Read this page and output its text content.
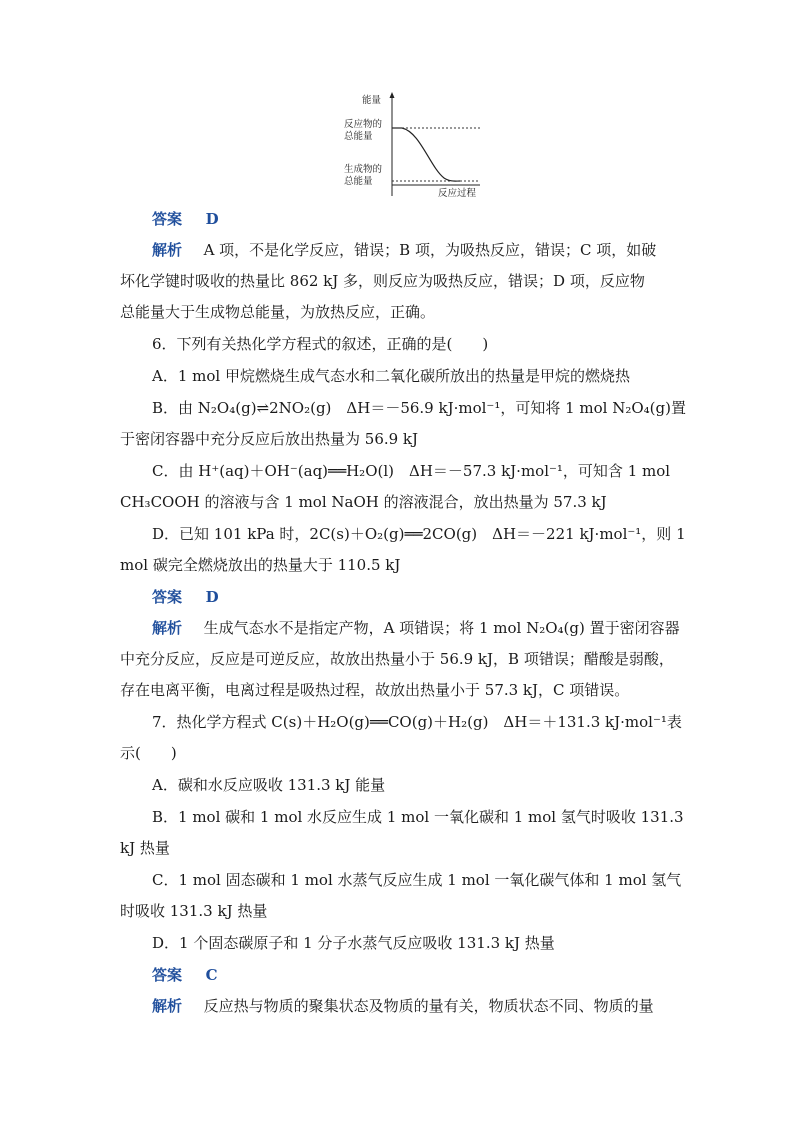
能量
反应物的
总能量
生成物的
总能量
反应过程
答案 D
解析 A 项，不是化学反应，错误；B 项，为吸热反应，错误；C 项，如破
坏化学键时吸收的热量比 862 kJ 多，则反应为吸热反应，错误；D 项，反应物
总能量大于生成物总能量，为放热反应，正确。
6．下列有关热化学方程式的叙述，正确的是(　　)
A．1 mol 甲烷燃烧生成气态水和二氧化碳所放出的热量是甲烷的燃烧热
B．由 N₂O₄(g)⇌2NO₂(g)　ΔH＝－56.9 kJ·mol⁻¹，可知将 1 mol N₂O₄(g)置
于密闭容器中充分反应后放出热量为 56.9 kJ
C．由 H⁺(aq)＋OH⁻(aq)══H₂O(l)　ΔH＝－57.3 kJ·mol⁻¹，可知含 1 mol
CH₃COOH 的溶液与含 1 mol NaOH 的溶液混合，放出热量为 57.3 kJ
D．已知 101 kPa 时，2C(s)＋O₂(g)══2CO(g)　ΔH＝－221 kJ·mol⁻¹，则 1
mol 碳完全燃烧放出的热量大于 110.5 kJ
答案 D
解析 生成气态水不是指定产物，A 项错误；将 1 mol N₂O₄(g) 置于密闭容器
中充分反应，反应是可逆反应，故放出热量小于 56.9 kJ，B 项错误；醋酸是弱酸，
存在电离平衡，电离过程是吸热过程，故放出热量小于 57.3 kJ，C 项错误。
7．热化学方程式 C(s)＋H₂O(g)══CO(g)＋H₂(g)　ΔH＝＋131.3 kJ·mol⁻¹表
示(　　)
A．碳和水反应吸收 131.3 kJ 能量
B．1 mol 碳和 1 mol 水反应生成 1 mol 一氧化碳和 1 mol 氢气时吸收 131.3
kJ 热量
C．1 mol 固态碳和 1 mol 水蒸气反应生成 1 mol 一氧化碳气体和 1 mol 氢气
时吸收 131.3 kJ 热量
D．1 个固态碳原子和 1 分子水蒸气反应吸收 131.3 kJ 热量
答案 C
解析 反应热与物质的聚集状态及物质的量有关，物质状态不同、物质的量
